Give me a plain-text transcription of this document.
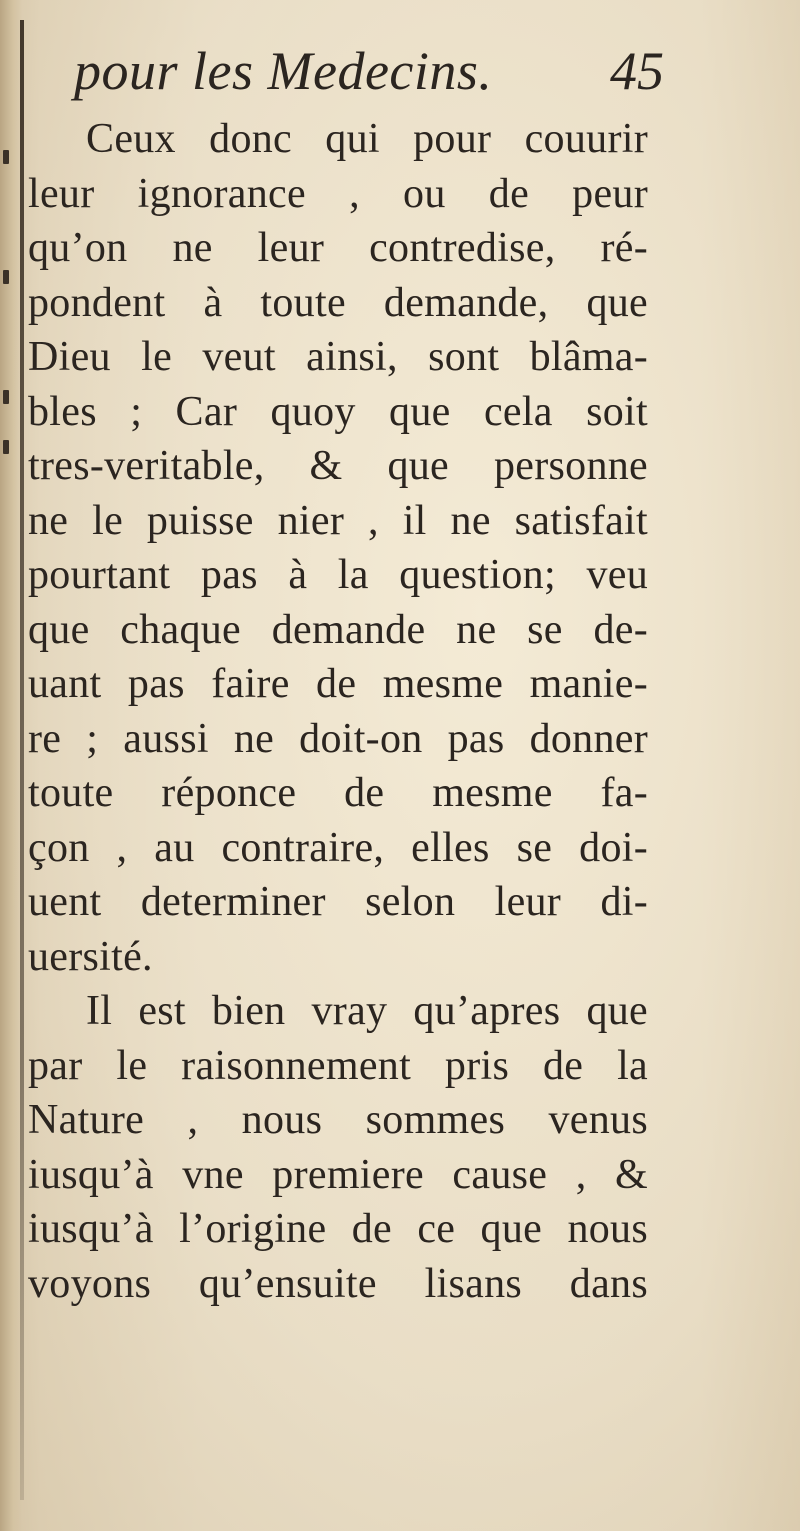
pour les Medecins. 45
Ceux donc qui pour couurir
leur ignorance , ou de peur
qu’on ne leur contredise, ré-
pondent à toute demande, que
Dieu le veut ainsi, sont blâma-
bles ; Car quoy que cela soit
tres-veritable, & que personne
ne le puisse nier , il ne satisfait
pourtant pas à la question; veu
que chaque demande ne se de-
uant pas faire de mesme manie-
re ; aussi ne doit-on pas donner
toute réponce de mesme fa-
çon , au contraire, elles se doi-
uent determiner selon leur di-
uersité.
Il est bien vray qu’apres que
par le raisonnement pris de la
Nature , nous sommes venus
iusqu’à vne premiere cause , &
iusqu’à l’origine de ce que nous
voyons qu’ensuite lisans dans
